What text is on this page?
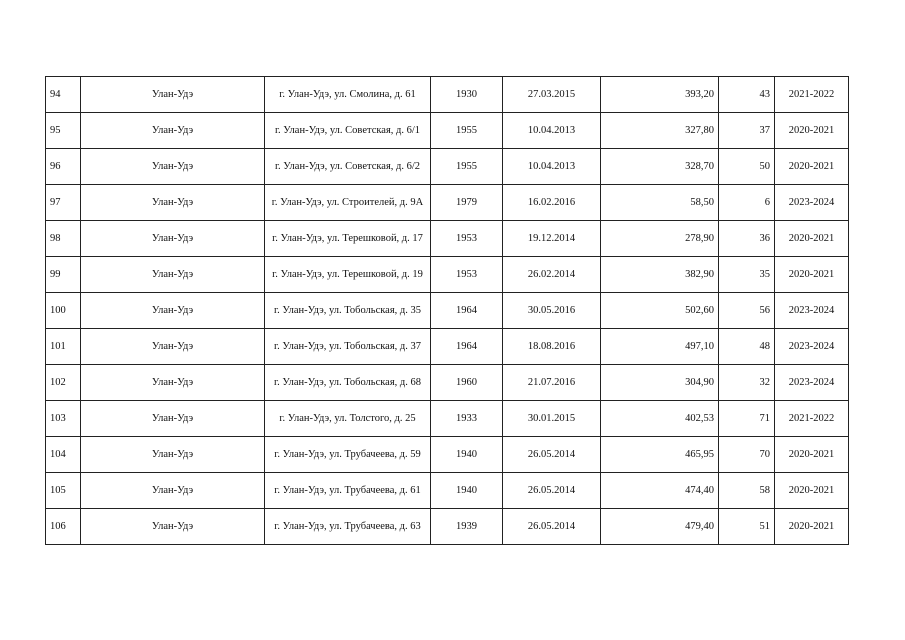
94	Улан-Удэ	г. Улан-Удэ, ул. Смолина, д. 61	1930	27.03.2015	393,20	43	2021-2022
95	Улан-Удэ	г. Улан-Удэ, ул. Советская, д. 6/1	1955	10.04.2013	327,80	37	2020-2021
96	Улан-Удэ	г. Улан-Удэ, ул. Советская, д. 6/2	1955	10.04.2013	328,70	50	2020-2021
97	Улан-Удэ	г. Улан-Удэ, ул. Строителей, д. 9А	1979	16.02.2016	58,50	6	2023-2024
98	Улан-Удэ	г. Улан-Удэ, ул. Терешковой, д. 17	1953	19.12.2014	278,90	36	2020-2021
99	Улан-Удэ	г. Улан-Удэ, ул. Терешковой, д. 19	1953	26.02.2014	382,90	35	2020-2021
100	Улан-Удэ	г. Улан-Удэ, ул. Тобольская, д. 35	1964	30.05.2016	502,60	56	2023-2024
101	Улан-Удэ	г. Улан-Удэ, ул. Тобольская, д. 37	1964	18.08.2016	497,10	48	2023-2024
102	Улан-Удэ	г. Улан-Удэ, ул. Тобольская, д. 68	1960	21.07.2016	304,90	32	2023-2024
103	Улан-Удэ	г. Улан-Удэ, ул. Толстого, д. 25	1933	30.01.2015	402,53	71	2021-2022
104	Улан-Удэ	г. Улан-Удэ, ул. Трубачеева, д. 59	1940	26.05.2014	465,95	70	2020-2021
105	Улан-Удэ	г. Улан-Удэ, ул. Трубачеева, д. 61	1940	26.05.2014	474,40	58	2020-2021
106	Улан-Удэ	г. Улан-Удэ, ул. Трубачеева, д. 63	1939	26.05.2014	479,40	51	2020-2021
